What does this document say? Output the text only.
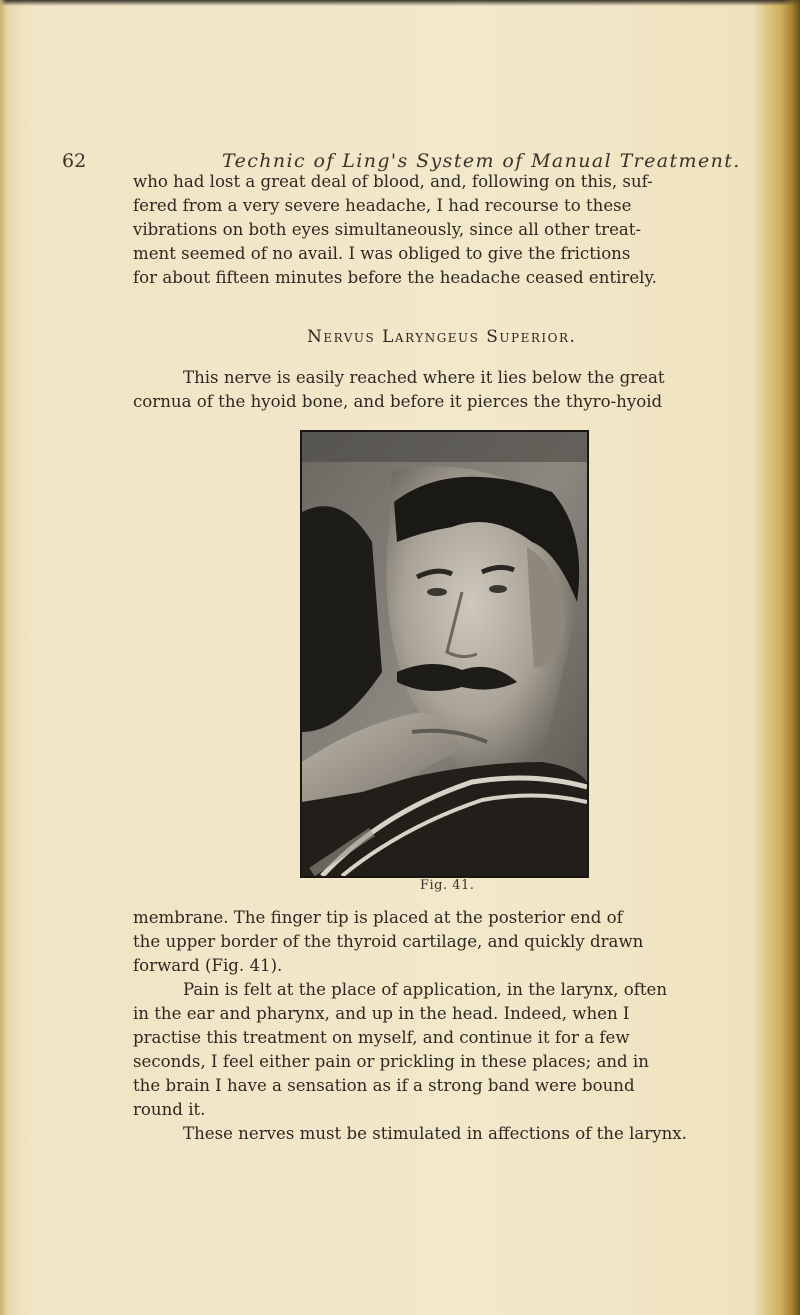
62	Technic of Ling's System of Manual Treatment.
who had lost a great deal of blood, and, following on this, suf-
fered from a very severe headache, I had recourse to these
vibrations on both eyes simultaneously, since all other treat-
ment seemed of no avail. I was obliged to give the frictions
for about fifteen minutes before the headache ceased entirely.
Nervus Laryngeus Superior.
This nerve is easily reached where it lies below the great
cornua of the hyoid bone, and before it pierces the thyro-hyoid
Fig. 41.
membrane. The finger tip is placed at the posterior end of
the upper border of the thyroid cartilage, and quickly drawn
forward (Fig. 41).
Pain is felt at the place of application, in the larynx, often
in the ear and pharynx, and up in the head. Indeed, when I
practise this treatment on myself, and continue it for a few
seconds, I feel either pain or prickling in these places; and in
the brain I have a sensation as if a strong band were bound
round it.
These nerves must be stimulated in affections of the larynx.
